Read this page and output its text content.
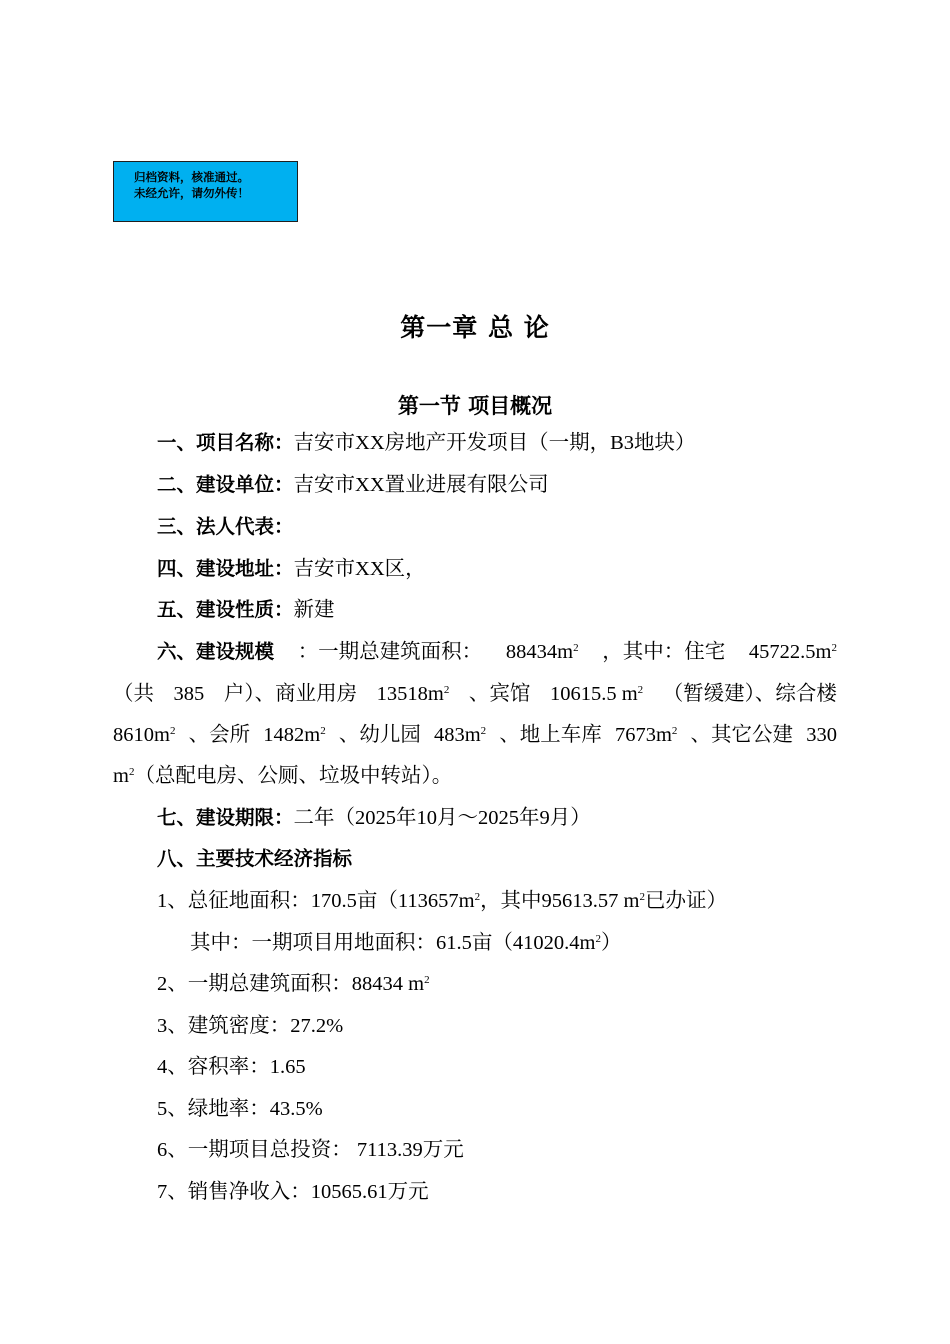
归档资料，核准通过。
未经允许，请勿外传！
第一章 总 论
第一节 项目概况
一、项目名称：吉安市XX房地产开发项目（一期，B3地块）
二、建设单位：吉安市XX置业进展有限公司
三、法人代表：
四、建设地址：吉安市XX区，
五、建设性质：新建
六、建设规模 ：一期总建筑面积： $88434m^2$ ，其中：住宅 $45722.5m^2$
（共 385 户）、商业用房 $13518m^2$ 、宾馆 10615.5 $m^2$ （暂缓建）、综合楼
$8610m^2$ 、会所 $1482m^2$ 、幼儿园 $483m^2$ 、地上车库 $7673m^2$ 、其它公建 330
$m^2$（总配电房、公厕、垃圾中转站）。
七、建设期限：二年（2025年10月～2025年9月）
八、主要技术经济指标
1、总征地面积：170.5亩（$113657m^2$，其中95613.57 $m^2$已办证）
其中：一期项目用地面积：61.5亩$(41020.4m^2)$
2、一期总建筑面积：88434 $m^2$
3、建筑密度：27.2%
4、容积率：1.65
5、绿地率：43.5%
6、一期项目总投资： 7113.39万元
7、销售净收入：10565.61万元
